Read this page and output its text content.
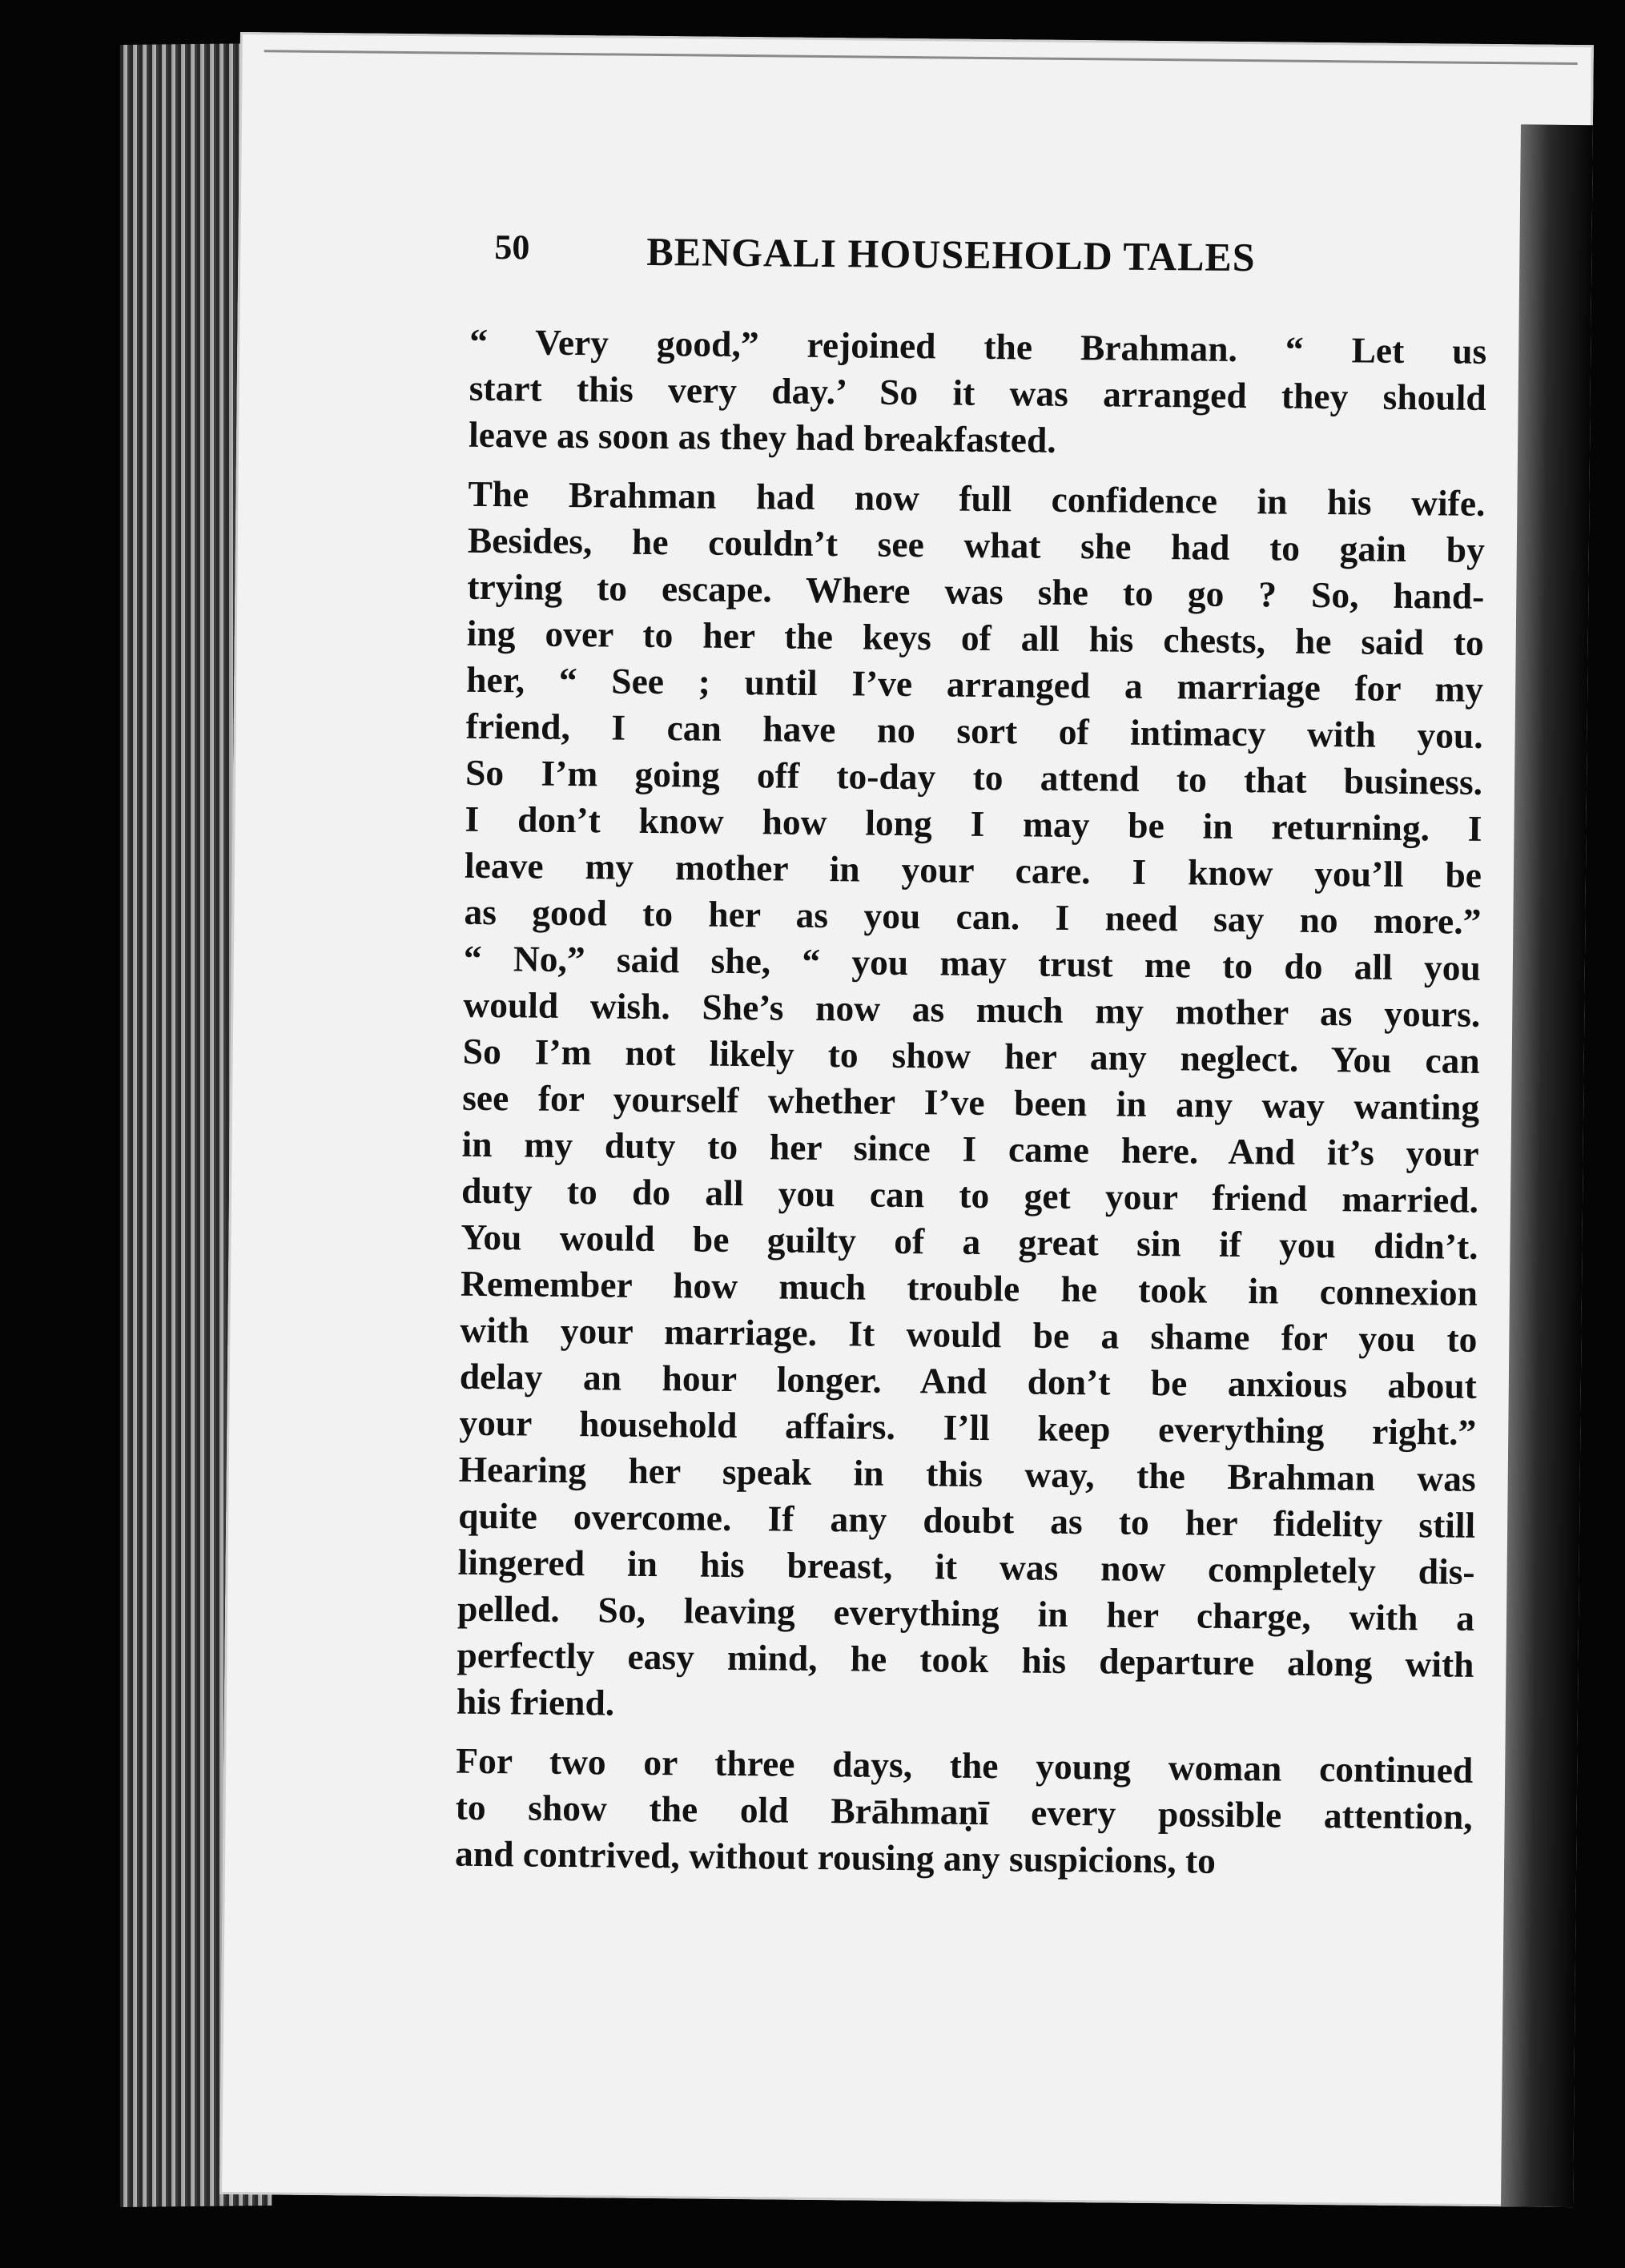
50	BENGALI HOUSEHOLD TALES
“ Very good,” rejoined the Brahman. “ Let us
start this very day.’ So it was arranged they should
leave as soon as they had breakfasted.
The Brahman had now full confidence in his wife.
Besides, he couldn’t see what she had to gain by
trying to escape. Where was she to go ? So, hand-
ing over to her the keys of all his chests, he said to
her, “ See ; until I’ve arranged a marriage for my
friend, I can have no sort of intimacy with you.
So I’m going off to-day to attend to that business.
I don’t know how long I may be in returning. I
leave my mother in your care. I know you’ll be
as good to her as you can. I need say no more.”
“ No,” said she, “ you may trust me to do all you
would wish. She’s now as much my mother as yours.
So I’m not likely to show her any neglect. You can
see for yourself whether I’ve been in any way wanting
in my duty to her since I came here. And it’s your
duty to do all you can to get your friend married.
You would be guilty of a great sin if you didn’t.
Remember how much trouble he took in connexion
with your marriage. It would be a shame for you to
delay an hour longer. And don’t be anxious about
your household affairs. I’ll keep everything right.”
Hearing her speak in this way, the Brahman was
quite overcome. If any doubt as to her fidelity still
lingered in his breast, it was now completely dis-
pelled. So, leaving everything in her charge, with a
perfectly easy mind, he took his departure along with
his friend.
For two or three days, the young woman continued
to show the old Brāhmaṇī every possible attention,
and contrived, without rousing any suspicions, to
